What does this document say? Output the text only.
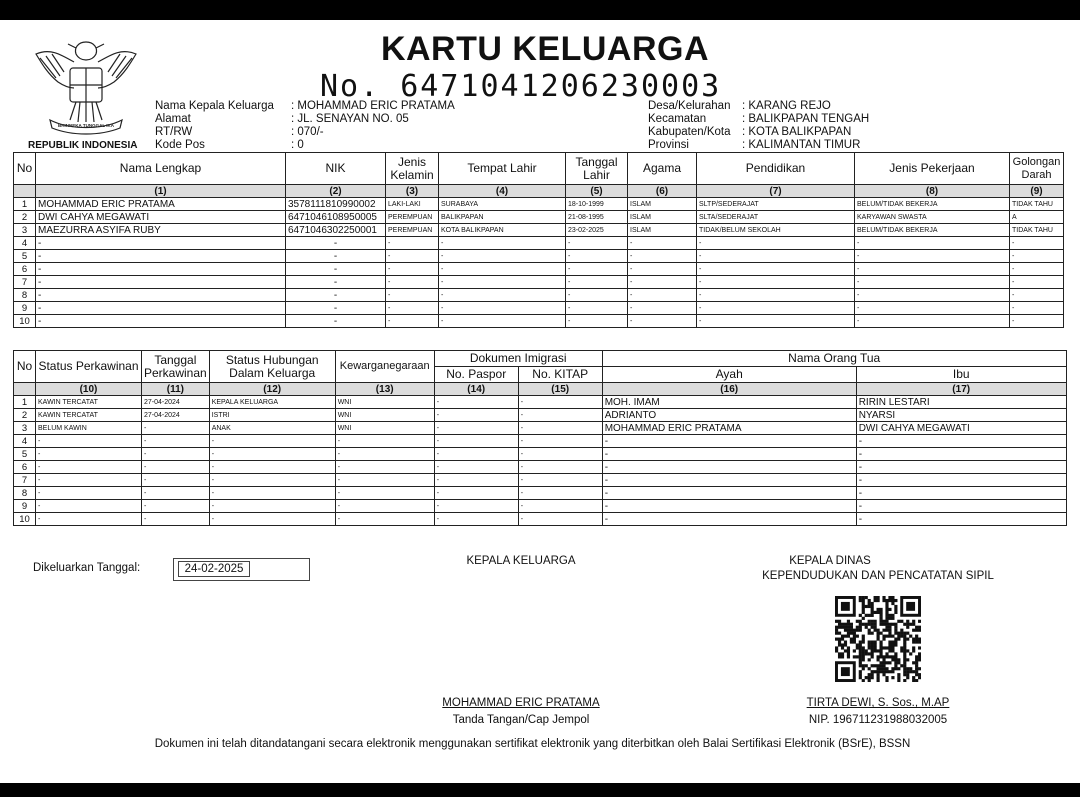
BHINNEKA TUNGGAL IKA
REPUBLIK INDONESIA
KARTU KELUARGA
No. 6471041206230003
Nama Kepala Keluarga	: MOHAMMAD ERIC PRATAMA
Alamat	: JL. SENAYAN NO. 05
RT/RW	: 070/-
Kode Pos	: 0
Desa/Kelurahan	: KARANG REJO
Kecamatan	: BALIKPAPAN TENGAH
Kabupaten/Kota	: KOTA BALIKPAPAN
Provinsi	: KALIMANTAN TIMUR
No	Nama Lengkap	NIK	Jenis Kelamin	Tempat Lahir	Tanggal Lahir	Agama	Pendidikan	Jenis Pekerjaan	Golongan Darah
	(1)	(2)	(3)	(4)	(5)	(6)	(7)	(8)	(9)
1	MOHAMMAD ERIC PRATAMA	3578111810990002	LAKI-LAKI	SURABAYA	18-10-1999	ISLAM	SLTP/SEDERAJAT	BELUM/TIDAK BEKERJA	TIDAK TAHU
2	DWI CAHYA MEGAWATI	6471046108950005	PEREMPUAN	BALIKPAPAN	21-08-1995	ISLAM	SLTA/SEDERAJAT	KARYAWAN SWASTA	A
3	MAEZURRA ASYIFA RUBY	6471046302250001	PEREMPUAN	KOTA BALIKPAPAN	23-02-2025	ISLAM	TIDAK/BELUM SEKOLAH	BELUM/TIDAK BEKERJA	TIDAK TAHU
4	-	-	-	-	-	-	-	-	-
5	-	-	-	-	-	-	-	-	-
6	-	-	-	-	-	-	-	-	-
7	-	-	-	-	-	-	-	-	-
8	-	-	-	-	-	-	-	-	-
9	-	-	-	-	-	-	-	-	-
10	-	-	-	-	-	-	-	-	-
No	Status Perkawinan	Tanggal Perkawinan	Status Hubungan Dalam Keluarga	Kewarganegaraan	Dokumen Imigrasi		Nama Orang Tua	
					No. Paspor	No. KITAP	Ayah	Ibu
	(10)	(11)	(12)	(13)	(14)	(15)	(16)	(17)
1	KAWIN TERCATAT	27-04-2024	KEPALA KELUARGA	WNI	-	-	MOH. IMAM	RIRIN LESTARI
2	KAWIN TERCATAT	27-04-2024	ISTRI	WNI	-	-	ADRIANTO	NYARSI
3	BELUM KAWIN	-	ANAK	WNI	-	-	MOHAMMAD ERIC PRATAMA	DWI CAHYA MEGAWATI
4	-	-	-	-	-	-	-	-
5	-	-	-	-	-	-	-	-
6	-	-	-	-	-	-	-	-
7	-	-	-	-	-	-	-	-
8	-	-	-	-	-	-	-	-
9	-	-	-	-	-	-	-	-
10	-	-	-	-	-	-	-	-
Dikeluarkan Tanggal:	24-02-2025
KEPALA KELUARGA	KEPALA DINAS
KEPENDUDUKAN DAN PENCATATAN SIPIL
MOHAMMAD ERIC PRATAMA
Tanda Tangan/Cap Jempol
TIRTA DEWI, S. Sos., M.AP
NIP. 196711231988032005
Dokumen ini telah ditandatangani secara elektronik menggunakan sertifikat elektronik yang diterbitkan oleh Balai Sertifikasi Elektronik (BSrE), BSSN
